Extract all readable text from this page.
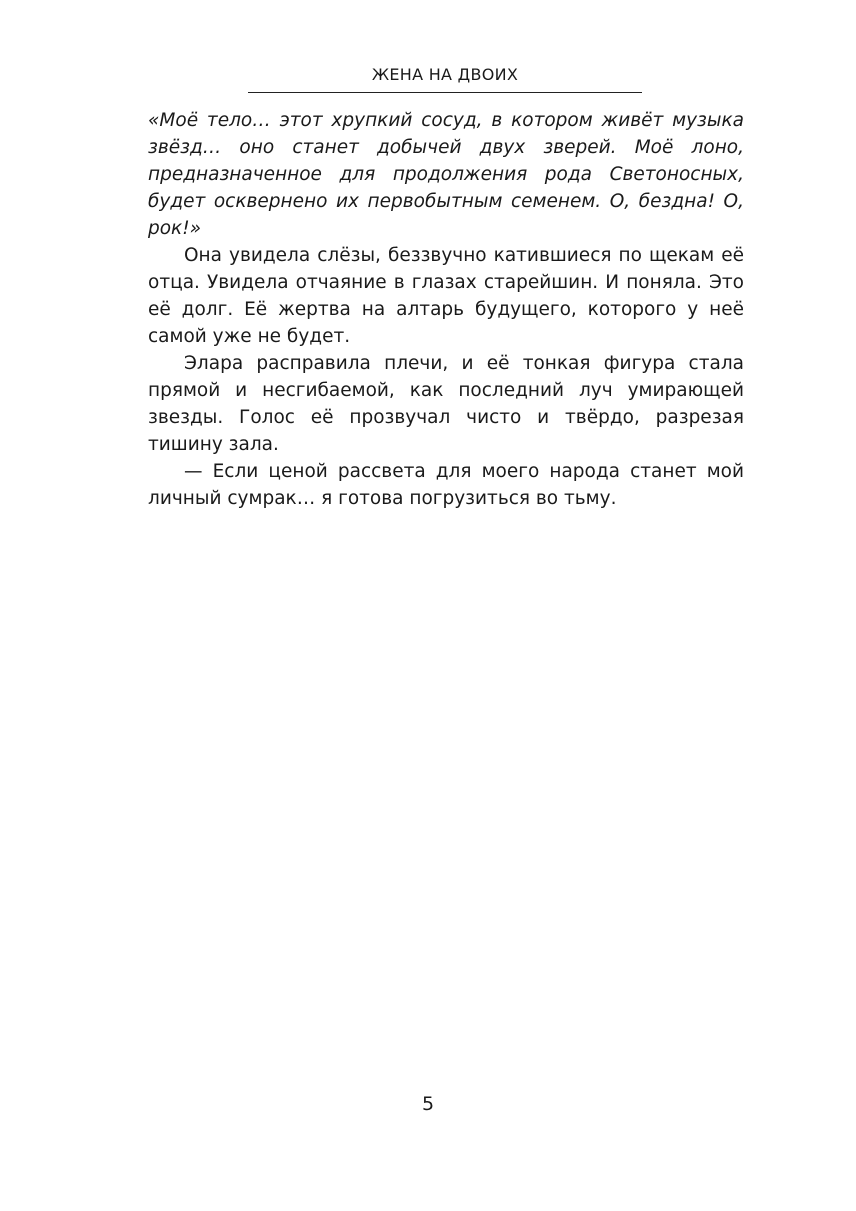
ЖЕНА НА ДВОИХ

«Моё тело… этот хрупкий сосуд, в котором живёт музыка звёзд… оно станет добычей двух зверей. Моё лоно, предназначенное для продолжения рода Светоносных, будет осквернено их первобытным семенем. О, бездна! О, рок!»

Она увидела слёзы, беззвучно катившиеся по щекам её отца. Увидела отчаяние в глазах старейшин. И поняла. Это её долг. Её жертва на алтарь будущего, которого у неё самой уже не будет.

Элара расправила плечи, и её тонкая фигура стала прямой и несгибаемой, как последний луч умирающей звезды. Голос её прозвучал чисто и твёрдо, разрезая тишину зала.

— Если ценой рассвета для моего народа станет мой личный сумрак… я готова погрузиться во тьму.

5
